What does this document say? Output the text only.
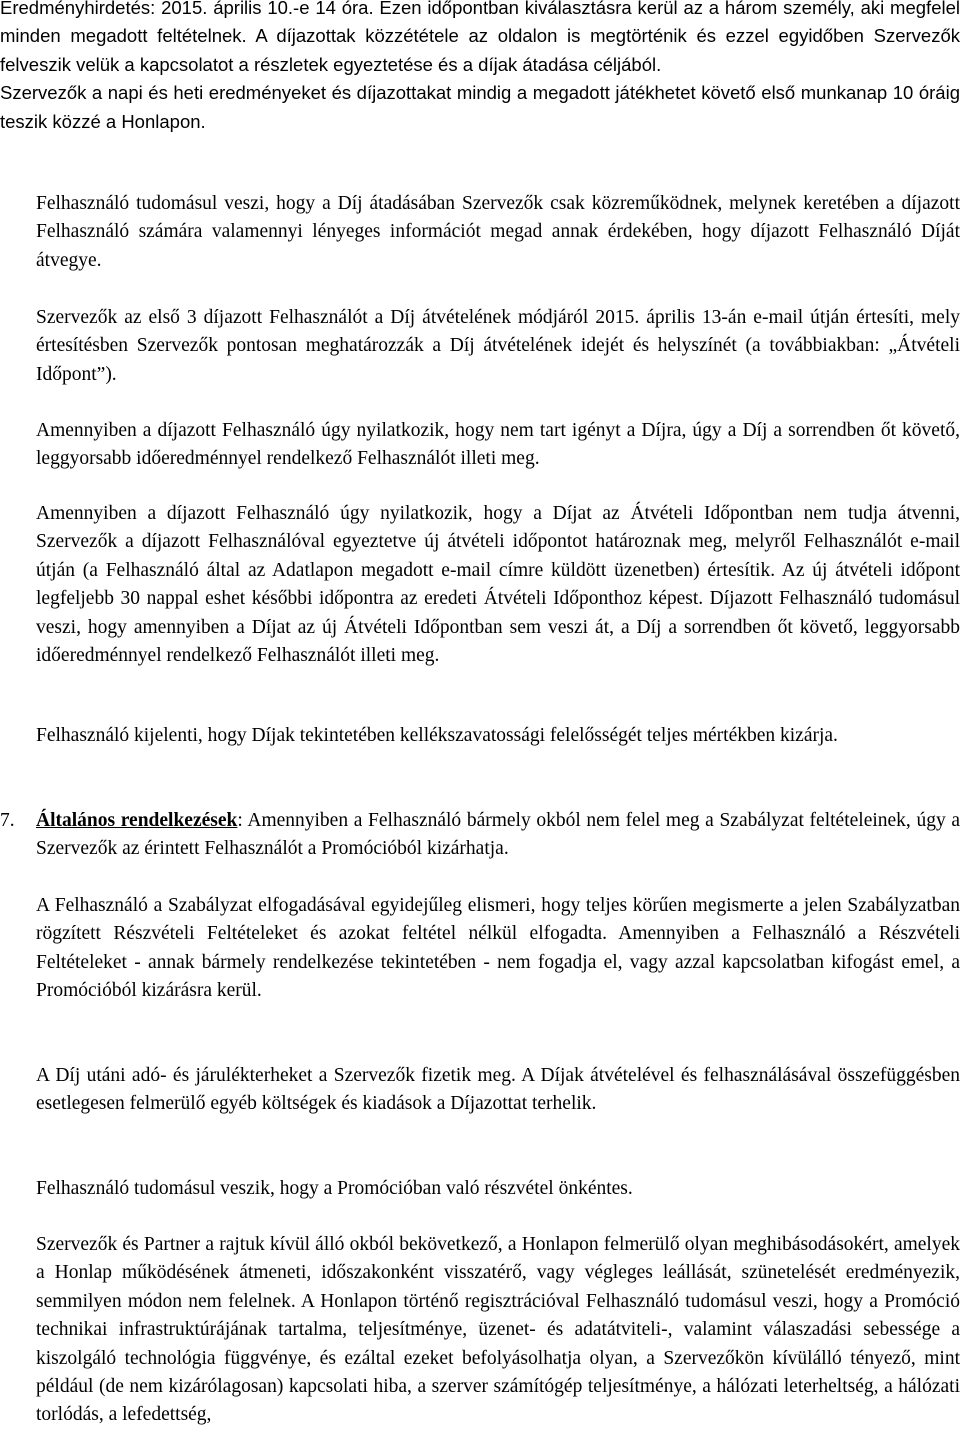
Eredményhirdetés: 2015. április 10.-e 14 óra. Ezen időpontban kiválasztásra kerül az a három személy, aki megfelel minden megadott feltételnek. A díjazottak közzététele az oldalon is megtörténik és ezzel egyidőben Szervezők felveszik velük a kapcsolatot a részletek egyeztetése és a díjak átadása céljából.

Szervezők a napi és heti eredményeket és díjazottakat mindig a megadott játékhetet követő első munkanap 10 óráig teszik közzé a Honlapon.

Felhasználó tudomásul veszi, hogy a Díj átadásában Szervezők csak közreműködnek, melynek keretében a díjazott Felhasználó számára valamennyi lényeges információt megad annak érdekében, hogy díjazott Felhasználó Díját átvegye.

Szervezők az első 3 díjazott Felhasználót a Díj átvételének módjáról 2015. április 13-án e-mail útján értesíti, mely értesítésben Szervezők pontosan meghatározzák a Díj átvételének idejét és helyszínét (a továbbiakban: „Átvételi Időpont”).

Amennyiben a díjazott Felhasználó úgy nyilatkozik, hogy nem tart igényt a Díjra, úgy a Díj a sorrendben őt követő, leggyorsabb időeredménnyel rendelkező Felhasználót illeti meg.

Amennyiben a díjazott Felhasználó úgy nyilatkozik, hogy a Díjat az Átvételi Időpontban nem tudja átvenni, Szervezők a díjazott Felhasználóval egyeztetve új átvételi időpontot határoznak meg, melyről Felhasználót e-mail útján (a Felhasználó által az Adatlapon megadott e-mail címre küldött üzenetben) értesítik. Az új átvételi időpont legfeljebb 30 nappal eshet későbbi időpontra az eredeti Átvételi Időponthoz képest. Díjazott Felhasználó tudomásul veszi, hogy amennyiben a Díjat az új Átvételi Időpontban sem veszi át, a Díj a sorrendben őt követő, leggyorsabb időeredménnyel rendelkező Felhasználót illeti meg.

Felhasználó kijelenti, hogy Díjak tekintetében kellékszavatossági felelősségét teljes mértékben kizárja.

7.	Általános rendelkezések: Amennyiben a Felhasználó bármely okból nem felel meg a Szabályzat feltételeinek, úgy a Szervezők az érintett Felhasználót a Promócióból kizárhatja.

A Felhasználó a Szabályzat elfogadásával egyidejűleg elismeri, hogy teljes körűen megismerte a jelen Szabályzatban rögzített Részvételi Feltételeket és azokat feltétel nélkül elfogadta. Amennyiben a Felhasználó a Részvételi Feltételeket - annak bármely rendelkezése tekintetében - nem fogadja el, vagy azzal kapcsolatban kifogást emel, a Promócióból kizárásra kerül.

A Díj utáni adó- és járulékterheket a Szervezők fizetik meg. A Díjak átvételével és felhasználásával összefüggésben esetlegesen felmerülő egyéb költségek és kiadások a Díjazottat terhelik.

Felhasználó tudomásul veszik, hogy a Promócióban való részvétel önkéntes.

Szervezők és Partner a rajtuk kívül álló okból bekövetkező, a Honlapon felmerülő olyan meghibásodásokért, amelyek a Honlap működésének átmeneti, időszakonként visszatérő, vagy végleges leállását, szünetelését eredményezik, semmilyen módon nem felelnek. A Honlapon történő regisztrációval Felhasználó tudomásul veszi, hogy a Promóció technikai infrastruktúrájának tartalma, teljesítménye, üzenet- és adatátviteli-, valamint válaszadási sebessége a kiszolgáló technológia függvénye, és ezáltal ezeket befolyásolhatja olyan, a Szervezőkön kívülálló tényező, mint például (de nem kizárólagosan) kapcsolati hiba, a szerver számítógép teljesítménye, a hálózati leterheltség, a hálózati torlódás, a lefedettség,
